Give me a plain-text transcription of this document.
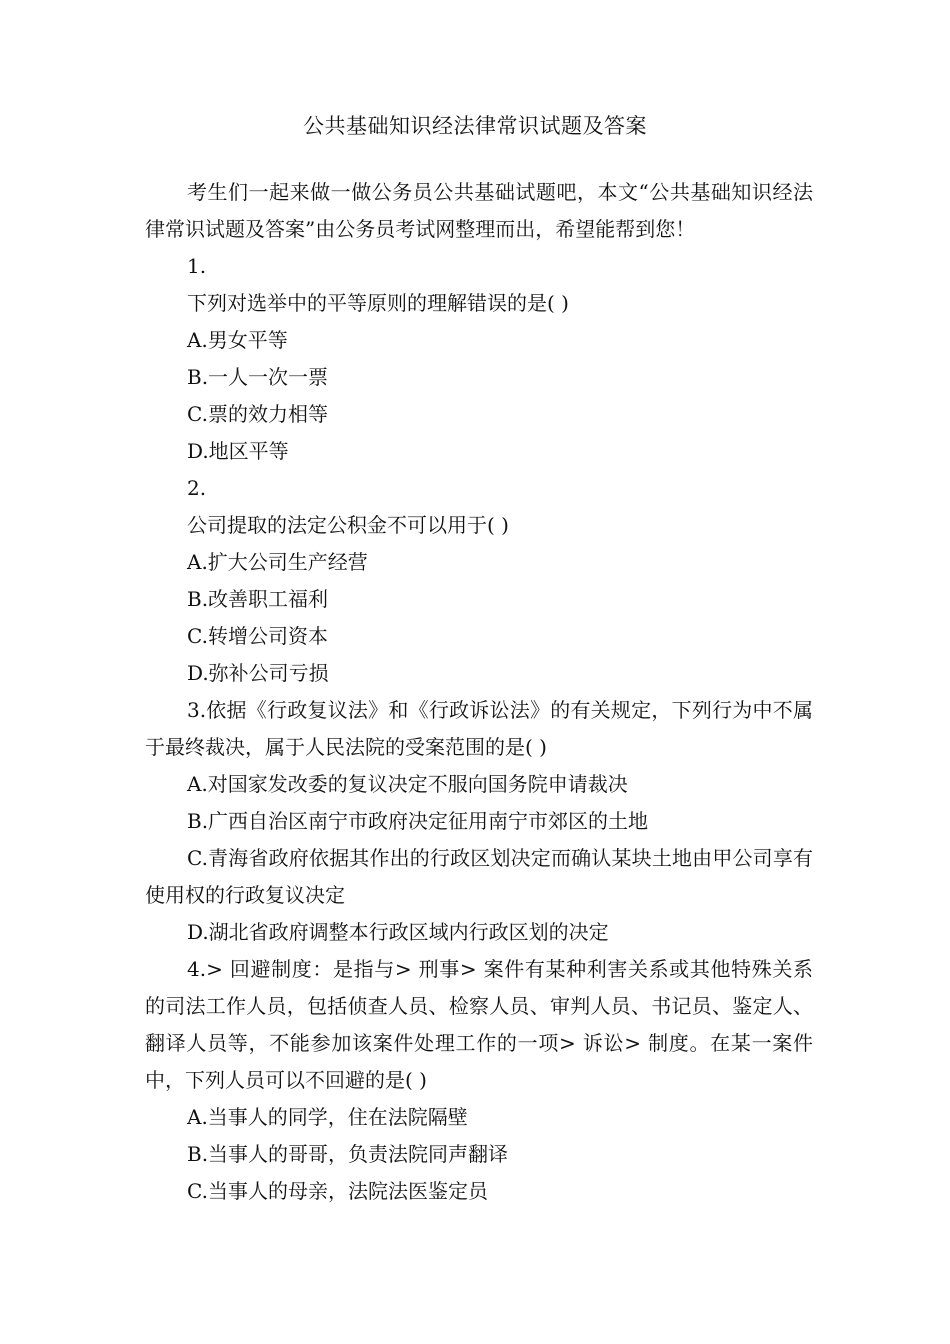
公共基础知识经法律常识试题及答案

考生们一起来做一做公务员公共基础试题吧，本文“公共基础知识经法律常识试题及答案”由公务员考试网整理而出，希望能帮到您！

1.

下列对选举中的平等原则的理解错误的是( )

A.男女平等

B.一人一次一票

C.票的效力相等

D.地区平等

2.

公司提取的法定公积金不可以用于( )

A.扩大公司生产经营

B.改善职工福利

C.转增公司资本

D.弥补公司亏损

3.依据《行政复议法》和《行政诉讼法》的有关规定，下列行为中不属于最终裁决，属于人民法院的受案范围的是( )

A.对国家发改委的复议决定不服向国务院申请裁决

B.广西自治区南宁市政府决定征用南宁市郊区的土地

C.青海省政府依据其作出的行政区划决定而确认某块土地由甲公司享有使用权的行政复议决定

D.湖北省政府调整本行政区域内行政区划的决定

4.> 回避制度：是指与> 刑事> 案件有某种利害关系或其他特殊关系的司法工作人员，包括侦查人员、检察人员、审判人员、书记员、鉴定人、翻译人员等，不能参加该案件处理工作的一项> 诉讼> 制度。在某一案件中，下列人员可以不回避的是( )

A.当事人的同学，住在法院隔壁

B.当事人的哥哥，负责法院同声翻译

C.当事人的母亲，法院法医鉴定员
